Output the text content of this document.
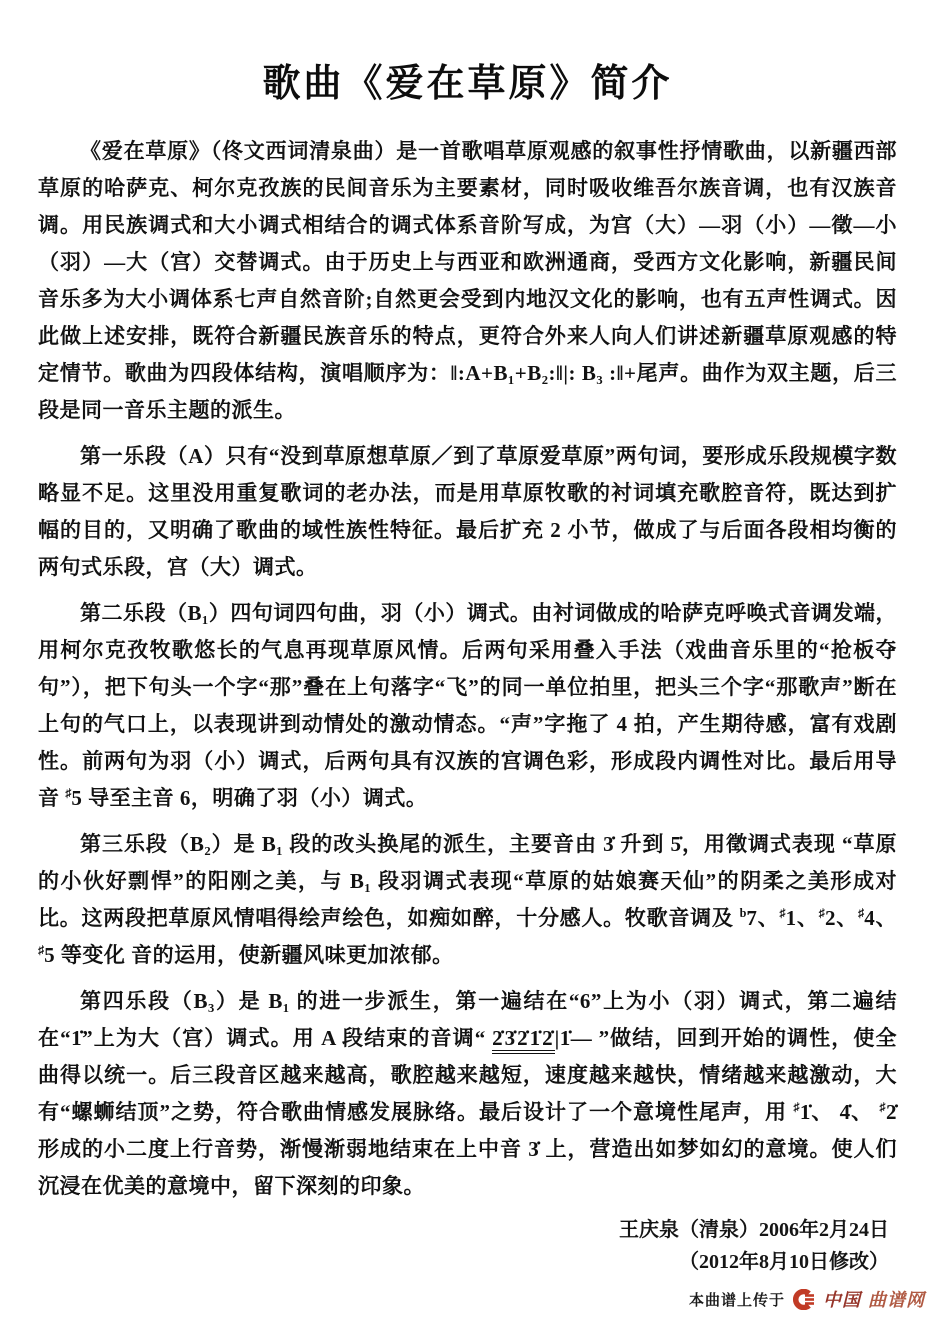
歌曲《爱在草原》简介

《爱在草原》（佟文西词清泉曲）是一首歌唱草原观感的叙事性抒情歌曲，以新疆西部草原的哈萨克、柯尔克孜族的民间音乐为主要素材，同时吸收维吾尔族音调，也有汉族音调。用民族调式和大小调式相结合的调式体系音阶写成，为宫（大）—羽（小）—徵—小（羽）—大（宫）交替调式。由于历史上与西亚和欧洲通商，受西方文化影响，新疆民间音乐多为大小调体系七声自然音阶;自然更会受到内地汉文化的影响，也有五声性调式。因此做上述安排，既符合新疆民族音乐的特点，更符合外来人向人们讲述新疆草原观感的特定情节。歌曲为四段体结构，演唱顺序为：‖:A+B₁+B₂:‖|: B₃ :‖+尾声。曲作为双主题，后三段是同一音乐主题的派生。

第一乐段（A）只有“没到草原想草原／到了草原爱草原”两句词，要形成乐段规模字数略显不足。这里没用重复歌词的老办法，而是用草原牧歌的衬词填充歌腔音符，既达到扩幅的目的，又明确了歌曲的域性族性特征。最后扩充 2 小节，做成了与后面各段相均衡的两句式乐段，宫（大）调式。

第二乐段（B₁）四句词四句曲，羽（小）调式。由衬词做成的哈萨克呼唤式音调发端，用柯尔克孜牧歌悠长的气息再现草原风情。后两句采用叠入手法（戏曲音乐里的“抢板夺句”），把下句头一个字“那”叠在上句落字“飞”的同一单位拍里，把头三个字“那歌声”断在上句的气口上，以表现讲到动情处的激动情态。“声”字拖了 4 拍，产生期待感，富有戏剧性。前两句为羽（小）调式，后两句具有汉族的宫调色彩，形成段内调性对比。最后用导音 ♯5 导至主音 6，明确了羽（小）调式。

第三乐段（B₂）是 B₁ 段的改头换尾的派生，主要音由 3̇ 升到 5̇，用徵调式表现 “草原的小伙好剽悍”的阳刚之美，与 B₁ 段羽调式表现“草原的姑娘赛天仙”的阴柔之美形成对比。这两段把草原风情唱得绘声绘色，如痴如醉，十分感人。牧歌音调及 $^b$7、♯1、♯2、♯4、♯5 等变化 音的运用，使新疆风味更加浓郁。

第四乐段（B₃）是 B₁ 的进一步派生，第一遍结在“6”上为小（羽）调式，第二遍结在“1̇”上为大（宫）调式。用 A 段结束的音调“ 2̇3̇2̇1̇2̇|1̇— ”做结，回到开始的调性，使全曲得以统一。后三段音区越来越高，歌腔越来越短，速度越来越快，情绪越来越激动，大有“螺蛳结顶”之势，符合歌曲情感发展脉络。最后设计了一个意境性尾声，用 ♯1̇、 4̇、 ♯2̇ 形成的小二度上行音势，渐慢渐弱地结束在上中音 3̇ 上，营造出如梦如幻的意境。使人们沉浸在优美的意境中，留下深刻的印象。

王庆泉（清泉）2006年2月24日
（2012年8月10日修改）
本曲谱上传于 中国 曲谱网
